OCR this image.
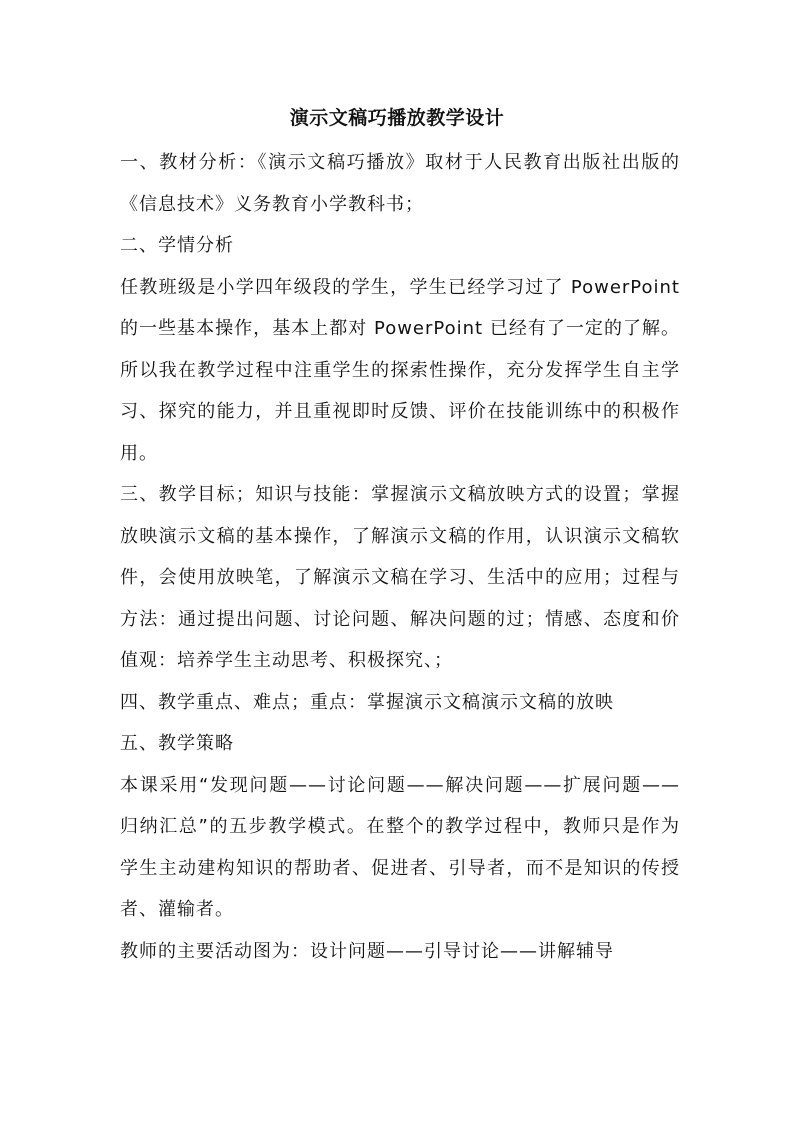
演示文稿巧播放教学设计

一、教材分析：《演示文稿巧播放》取材于人民教育出版社出版的《信息技术》义务教育小学教科书；

二、学情分析

任教班级是小学四年级段的学生，学生已经学习过了 PowerPoint 的一些基本操作，基本上都对 PowerPoint 已经有了一定的了解。所以我在教学过程中注重学生的探索性操作，充分发挥学生自主学习、探究的能力，并且重视即时反馈、评价在技能训练中的积极作用。

三、教学目标；知识与技能：掌握演示文稿放映方式的设置；掌握放映演示文稿的基本操作，了解演示文稿的作用，认识演示文稿软件，会使用放映笔，了解演示文稿在学习、生活中的应用；过程与方法：通过提出问题、讨论问题、解决问题的过；情感、态度和价值观：培养学生主动思考、积极探究、；

四、教学重点、难点；重点：掌握演示文稿演示文稿的放映

五、教学策略

本课采用“发现问题——讨论问题——解决问题——扩展问题——归纳汇总”的五步教学模式。在整个的教学过程中，教师只是作为学生主动建构知识的帮助者、促进者、引导者，而不是知识的传授者、灌输者。

教师的主要活动图为：设计问题——引导讨论——讲解辅导
